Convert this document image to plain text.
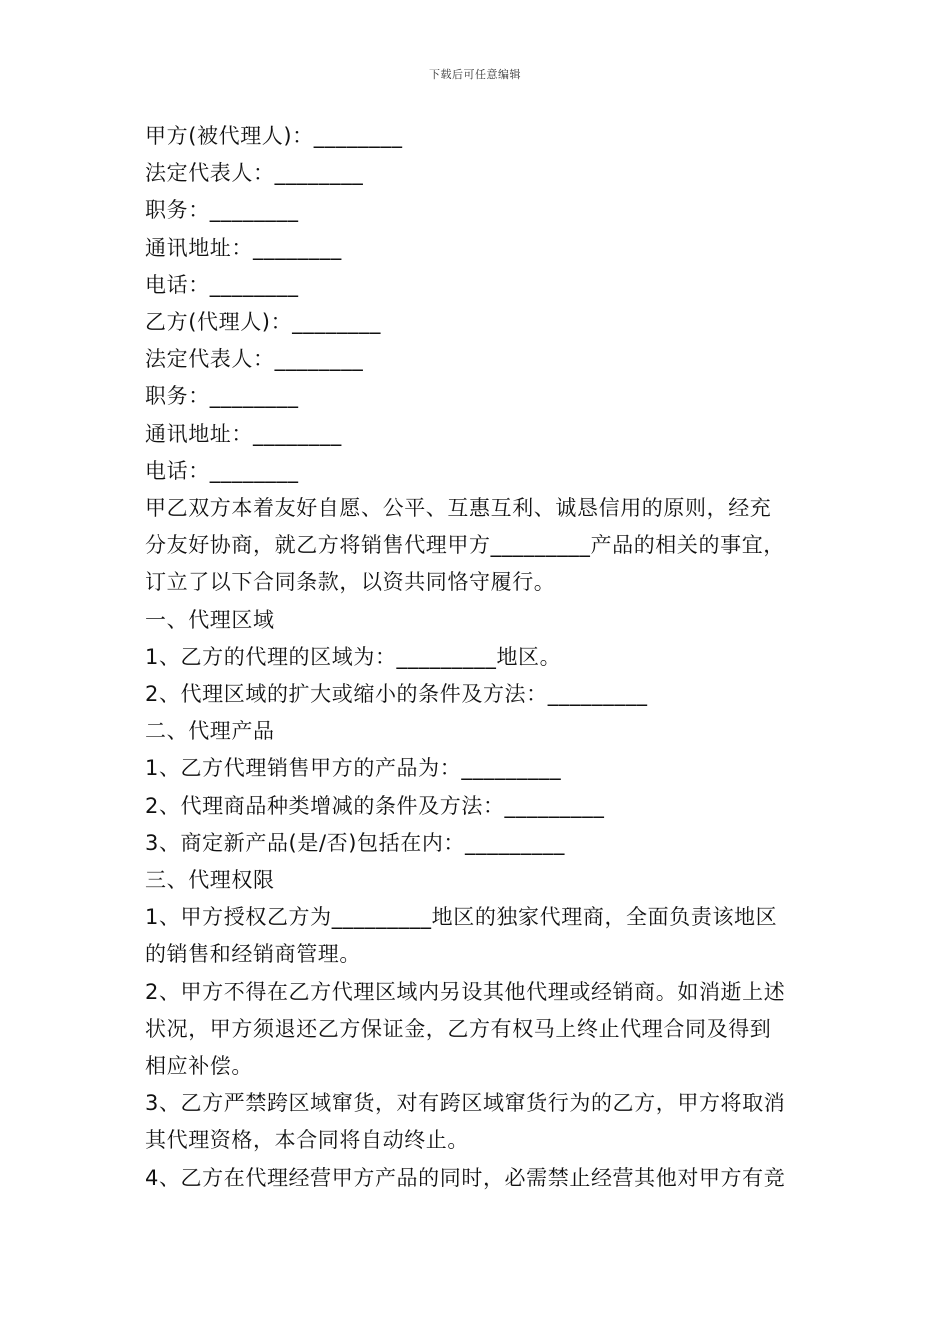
下载后可任意编辑
甲方(被代理人)：________
法定代表人：________
职务：________
通讯地址：________
电话：________
乙方(代理人)：________
法定代表人：________
职务：________
通讯地址：________
电话：________
甲乙双方本着友好自愿、公平、互惠互利、诚恳信用的原则，经充
分友好协商，就乙方将销售代理甲方_________产品的相关的事宜，
订立了以下合同条款，以资共同恪守履行。
一、代理区域
1、乙方的代理的区域为：_________地区。
2、代理区域的扩大或缩小的条件及方法：_________
二、代理产品
1、乙方代理销售甲方的产品为：_________
2、代理商品种类增减的条件及方法：_________
3、商定新产品(是/否)包括在内：_________
三、代理权限
1、甲方授权乙方为_________地区的独家代理商，全面负责该地区
的销售和经销商管理。
2、甲方不得在乙方代理区域内另设其他代理或经销商。如消逝上述
状况，甲方须退还乙方保证金，乙方有权马上终止代理合同及得到
相应补偿。
3、乙方严禁跨区域窜货，对有跨区域窜货行为的乙方，甲方将取消
其代理资格，本合同将自动终止。
4、乙方在代理经营甲方产品的同时，必需禁止经营其他对甲方有竞
